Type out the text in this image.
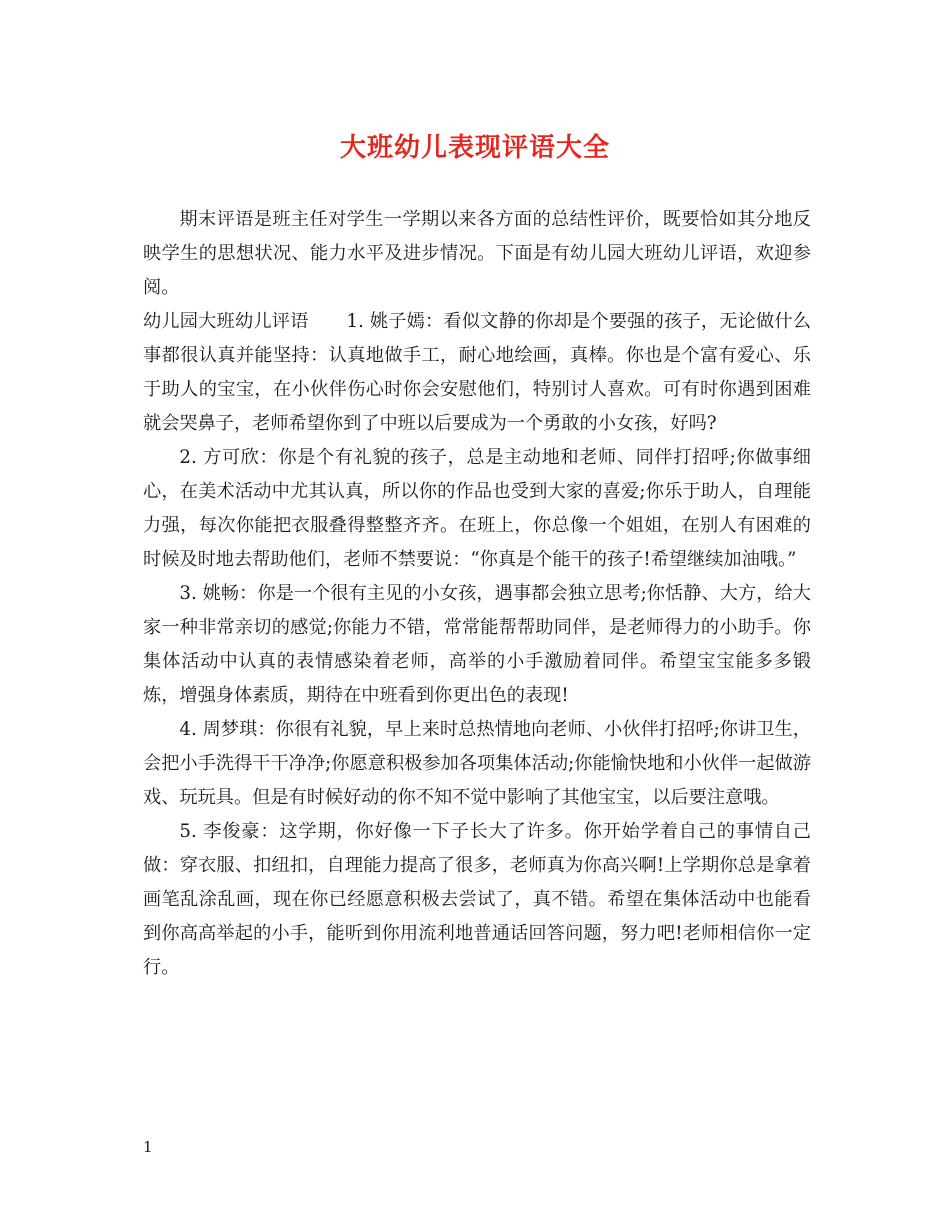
大班幼儿表现评语大全

期末评语是班主任对学生一学期以来各方面的总结性评价，既要恰如其分地反映学生的思想状况、能力水平及进步情况。下面是有幼儿园大班幼儿评语，欢迎参阅。

幼儿园大班幼儿评语 1. 姚子嫣：看似文静的你却是个要强的孩子，无论做什么事都很认真并能坚持：认真地做手工，耐心地绘画，真棒。你也是个富有爱心、乐于助人的宝宝，在小伙伴伤心时你会安慰他们，特别讨人喜欢。可有时你遇到困难就会哭鼻子，老师希望你到了中班以后要成为一个勇敢的小女孩，好吗?

2. 方可欣：你是个有礼貌的孩子，总是主动地和老师、同伴打招呼;你做事细心，在美术活动中尤其认真，所以你的作品也受到大家的喜爱;你乐于助人，自理能力强，每次你能把衣服叠得整整齐齐。在班上，你总像一个姐姐，在别人有困难的时候及时地去帮助他们，老师不禁要说：“你真是个能干的孩子!希望继续加油哦。”

3. 姚畅：你是一个很有主见的小女孩，遇事都会独立思考;你恬静、大方，给大家一种非常亲切的感觉;你能力不错，常常能帮帮助同伴，是老师得力的小助手。你集体活动中认真的表情感染着老师，高举的小手激励着同伴。希望宝宝能多多锻炼，增强身体素质，期待在中班看到你更出色的表现!

4. 周梦琪：你很有礼貌，早上来时总热情地向老师、小伙伴打招呼;你讲卫生，会把小手洗得干干净净;你愿意积极参加各项集体活动;你能愉快地和小伙伴一起做游戏、玩玩具。但是有时候好动的你不知不觉中影响了其他宝宝，以后要注意哦。

5. 李俊豪：这学期，你好像一下子长大了许多。你开始学着自己的事情自己做：穿衣服、扣纽扣，自理能力提高了很多，老师真为你高兴啊!上学期你总是拿着画笔乱涂乱画，现在你已经愿意积极去尝试了，真不错。希望在集体活动中也能看到你高高举起的小手，能听到你用流利地普通话回答问题，努力吧!老师相信你一定行。

1
